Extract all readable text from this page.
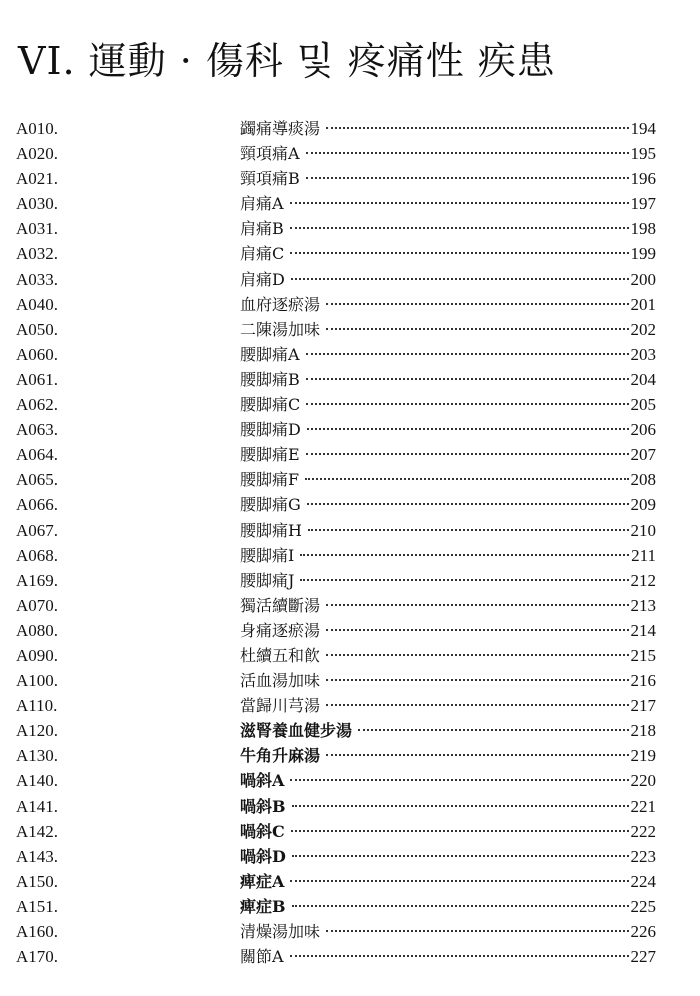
VI. 運動 · 傷科 및 疼痛性 疾患
A010.	蠲痛導痰湯	194
A020.	頸項痛A	195
A021.	頸項痛B	196
A030.	肩痛A	197
A031.	肩痛B	198
A032.	肩痛C	199
A033.	肩痛D	200
A040.	血府逐瘀湯	201
A050.	二陳湯加味	202
A060.	腰脚痛A	203
A061.	腰脚痛B	204
A062.	腰脚痛C	205
A063.	腰脚痛D	206
A064.	腰脚痛E	207
A065.	腰脚痛F	208
A066.	腰脚痛G	209
A067.	腰脚痛H	210
A068.	腰脚痛I	211
A169.	腰脚痛J	212
A070.	獨活續斷湯	213
A080.	身痛逐瘀湯	214
A090.	杜續五和飮	215
A100.	活血湯加味	216
A110.	當歸川芎湯	217
A120.	滋腎養血健步湯	218
A130.	牛角升麻湯	219
A140.	喎斜A	220
A141.	喎斜B	221
A142.	喎斜C	222
A143.	喎斜D	223
A150.	痺症A	224
A151.	痺症B	225
A160.	清燥湯加味	226
A170.	關節A	227
